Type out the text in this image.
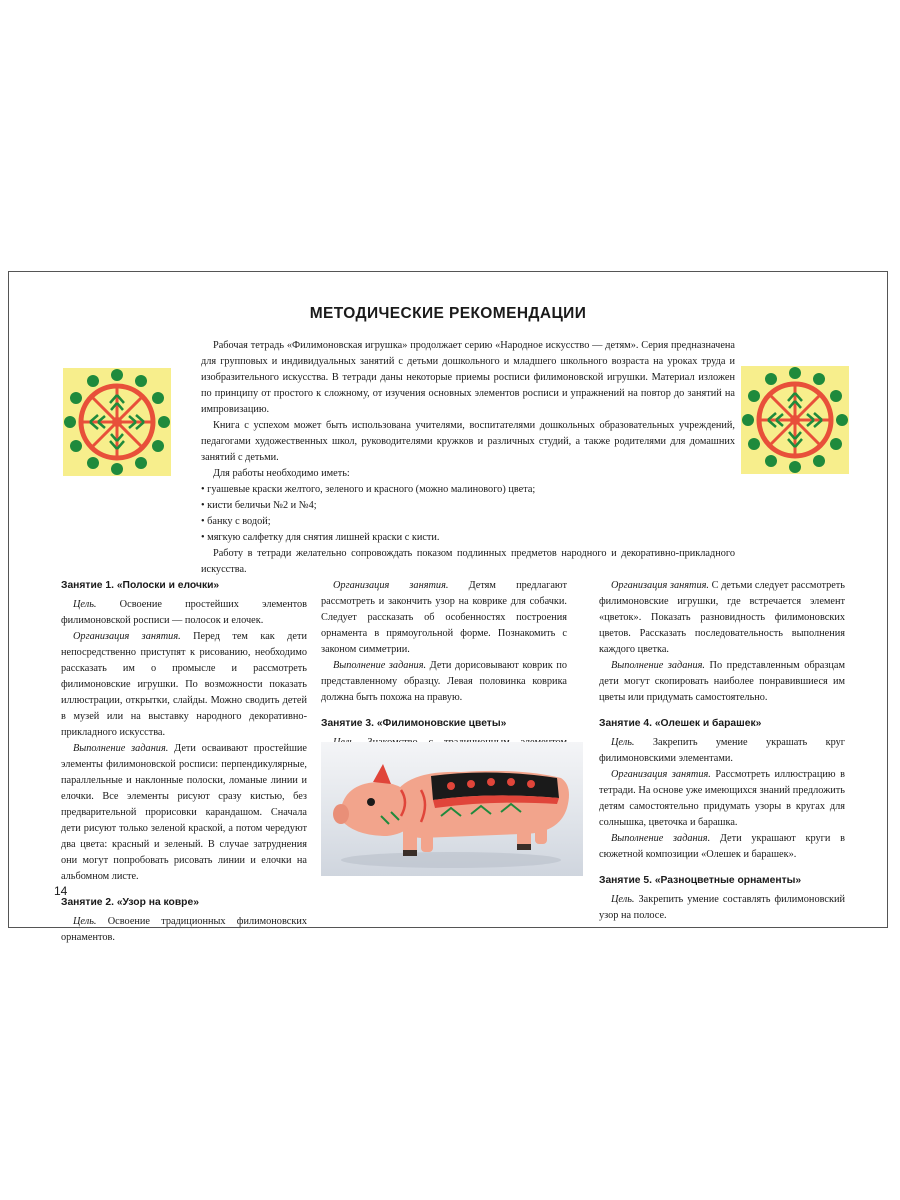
МЕТОДИЧЕСКИЕ РЕКОМЕНДАЦИИ

Рабочая тетрадь «Филимоновская игрушка» продолжает серию «Народное искусство — детям». Серия предназначена для групповых и индивидуальных занятий с детьми дошкольного и младшего школьного возраста на уроках труда и изобразительного искусства. В тетради даны некоторые приемы росписи филимоновской игрушки. Материал изложен по принципу от простого к сложному, от изучения основных элементов росписи и упражнений на повтор до занятий на импровизацию.

Книга с успехом может быть использована учителями, воспитателями дошкольных образовательных учреждений, педагогами художественных школ, руководителями кружков и различных студий, а также родителями для домашних занятий с детьми.

Для работы необходимо иметь:

• гуашевые краски желтого, зеленого и красного (можно малинового) цвета;
• кисти беличьи №2 и №4;
• банку с водой;
• мягкую салфетку для снятия лишней краски с кисти.

Работу в тетради желательно сопровождать показом подлинных предметов народного и декоративно-прикладного искусства.

Занятие 1. «Полоски и елочки»

Цель. Освоение простейших элементов филимоновской росписи — полосок и елочек.

Организация занятия. Перед тем как дети непосредственно приступят к рисованию, необходимо рассказать им о промысле и рассмотреть филимоновские игрушки. По возможности показать иллюстрации, открытки, слайды. Можно сводить детей в музей или на выставку народного декоративно-прикладного искусства.

Выполнение задания. Дети осваивают простейшие элементы филимоновской росписи: перпендикулярные, параллельные и наклонные полоски, ломаные линии и елочки. Все элементы рисуют сразу кистью, без предварительной прорисовки карандашом. Сначала дети рисуют только зеленой краской, а потом чередуют два цвета: красный и зеленый. В случае затруднения они могут попробовать рисовать линии и елочки на альбомном листе.

Занятие 2. «Узор на ковре»

Цель. Освоение традиционных филимоновских орнаментов.

Организация занятия. Детям предлагают рассмотреть и закончить узор на коврике для собачки. Следует рассказать об особенностях построения орнамента в прямоугольной форме. Познакомить с законом симметрии.

Выполнение задания. Дети дорисовывают коврик по представленному образцу. Левая половинка коврика должна быть похожа на правую.

Занятие 3. «Филимоновские цветы»

Организация занятия. С детьми следует рассмотреть филимоновские игрушки, где встречается элемент «цветок». Показать разновидность филимоновских цветов. Рассказать последовательность выполнения каждого цветка.

Выполнение задания. По представленным образцам дети могут скопировать наиболее понравившиеся им цветы или придумать самостоятельно.

Занятие 4. «Олешек и барашек»

Цель. Закрепить умение украшать круг филимоновскими элементами.

Организация занятия. Рассмотреть иллюстрацию в тетради. На основе уже имеющихся знаний предложить детям самостоятельно придумать узоры в кругах для солнышка, цветочка и барашка.

Выполнение задания. Дети украшают круги в сюжетной композиции «Олешек и барашек».

Занятие 5. «Разноцветные орнаменты»

Цель. Закрепить умение составлять филимоновский узор на полосе.

14
